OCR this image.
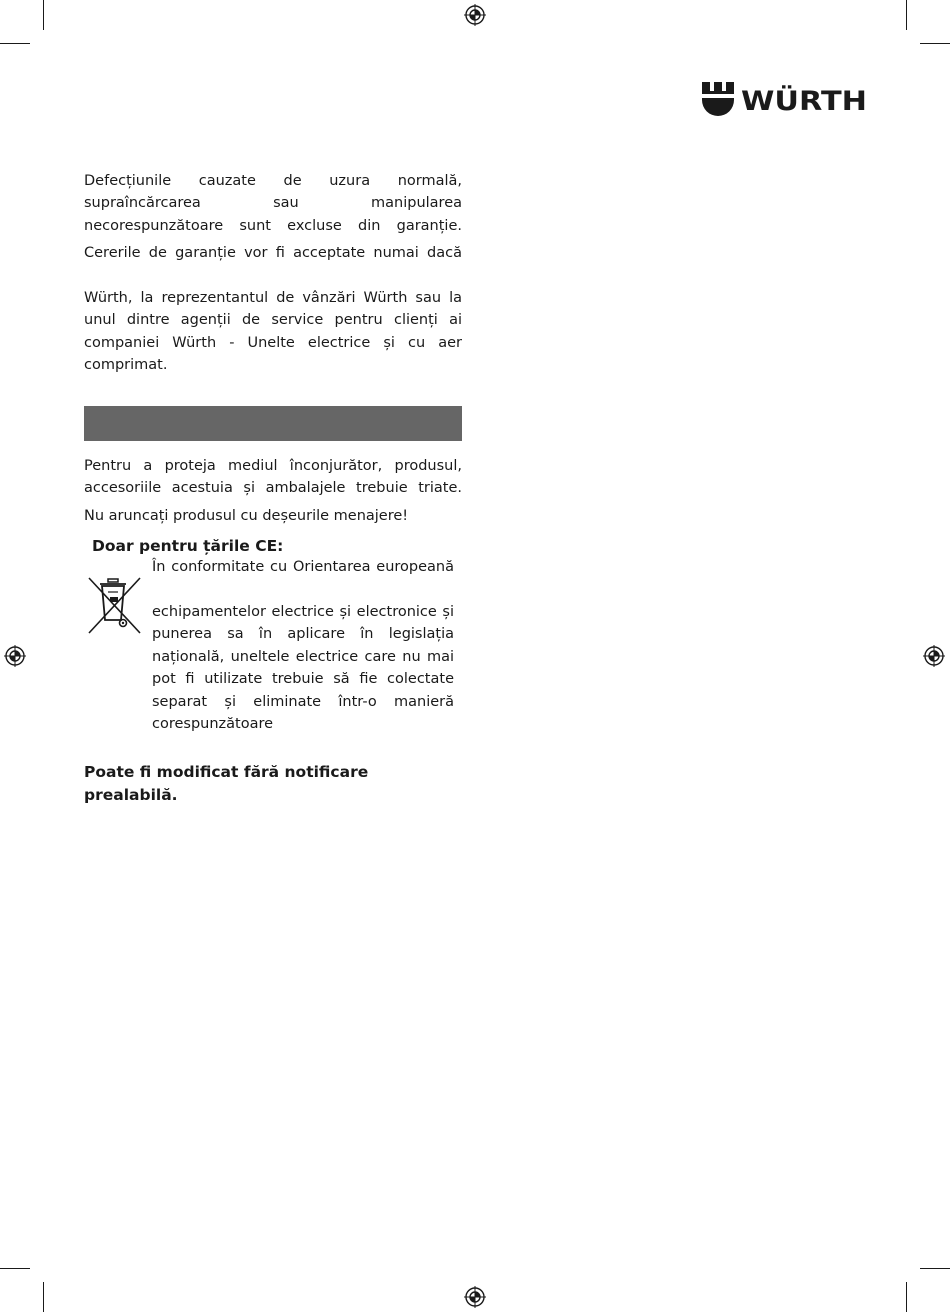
WÜRTH

Defecțiunile cauzate de uzura normală, supraîncărcarea sau manipularea necorespunzătoare sunt excluse din garanție.

Cererile de garanție vor fi acceptate numai dacă

Würth, la reprezentantul de vânzări Würth sau la unul dintre agenții de service pentru clienți ai companiei Würth - Unelte electrice și cu aer comprimat.

Pentru a proteja mediul înconjurător, produsul, accesoriile acestuia și ambalajele trebuie triate.

Nu aruncați produsul cu deșeurile menajere!

Doar pentru țările CE:

În conformitate cu Orientarea europeană

echipamentelor electrice și electronice și punerea sa în aplicare în legislația națională, uneltele electrice care nu mai pot fi utilizate trebuie să fie colectate separat și eliminate într-o manieră corespunzătoare

Poate fi modificat fără notificare prealabilă.
